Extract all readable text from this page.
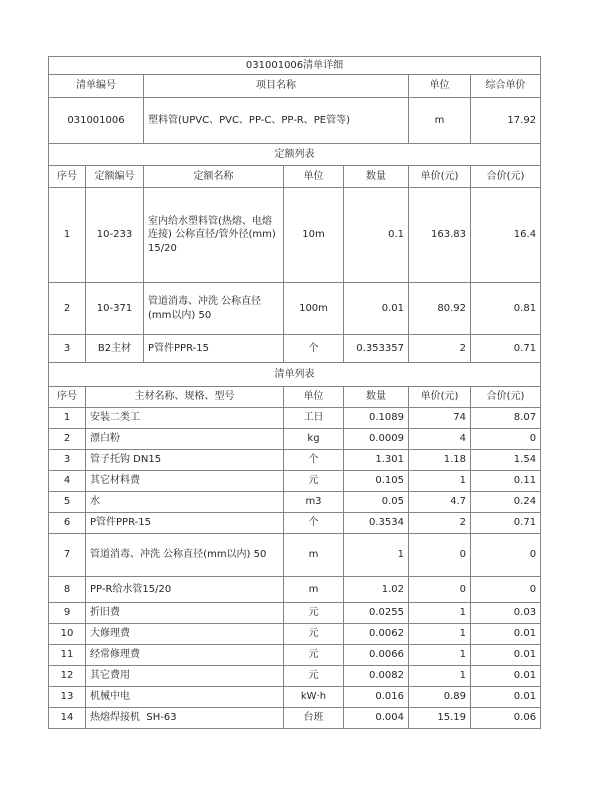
031001006清单详细						
清单编号		项目名称			单位	综合单价
031001006		塑料管(UPVC、PVC、PP-C、PP-R、PE管等)			m	17.92
定额列表						
序号	定额编号	定额名称	单位	数量	单价(元)	合价(元)
1	10-233	室内给水塑料管(热熔、电熔连接) 公称直径/管外径(mm) 15/20	10m	0.1	163.83	16.4
2	10-371	管道消毒、冲洗 公称直径(mm以内) 50	100m	0.01	80.92	0.81
3	B2主材	P管件PPR-15	个	0.353357	2	0.71
清单列表						
序号	主材名称、规格、型号		单位	数量	单价(元)	合价(元)
1	安装二类工		工日	0.1089	74	8.07
2	漂白粉		kg	0.0009	4	0
3	管子托钩 DN15		个	1.301	1.18	1.54
4	其它材料费		元	0.105	1	0.11
5	水		m3	0.05	4.7	0.24
6	P管件PPR-15		个	0.3534	2	0.71
7	管道消毒、冲洗 公称直径(mm以内) 50		m	1	0	0
8	PP-R给水管15/20		m	1.02	0	0
9	折旧费		元	0.0255	1	0.03
10	大修理费		元	0.0062	1	0.01
11	经常修理费		元	0.0066	1	0.01
12	其它费用		元	0.0082	1	0.01
13	机械中电		kW·h	0.016	0.89	0.01
14	热熔焊接机  SH-63		台班	0.004	15.19	0.06
